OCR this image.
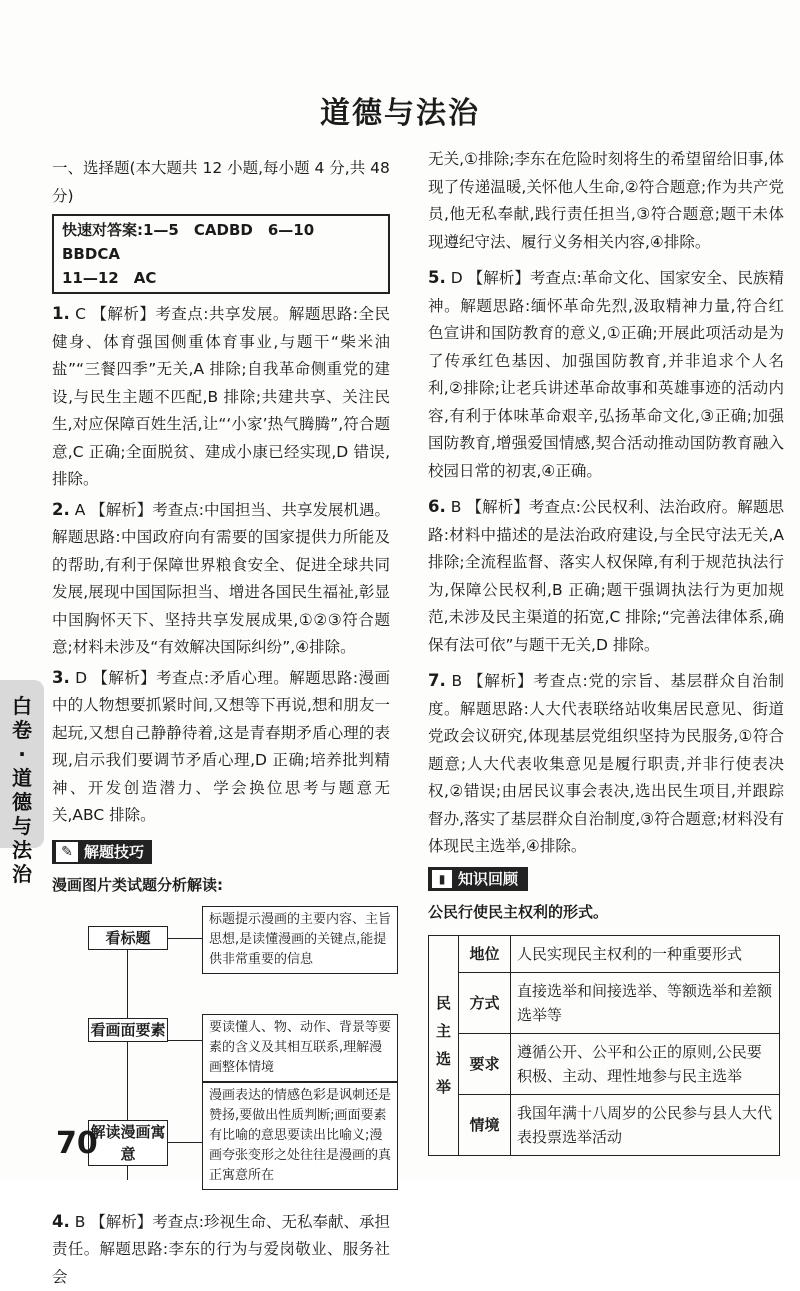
道德与法治
一、选择题(本大题共 12 小题,每小题 4 分,共 48 分)
快速对答案:1—5　CADBD　6—10　BBDCA
11—12　AC
1. C 【解析】考查点:共享发展。解题思路:全民健身、体育强国侧重体育事业,与题干“柴米油盐”“三餐四季”无关,A 排除;自我革命侧重党的建设,与民生主题不匹配,B 排除;共建共享、关注民生,对应保障百姓生活,让“‘小家’热气腾腾”,符合题意,C 正确;全面脱贫、建成小康已经实现,D 错误,排除。
2. A 【解析】考查点:中国担当、共享发展机遇。解题思路:中国政府向有需要的国家提供力所能及的帮助,有利于保障世界粮食安全、促进全球共同发展,展现中国国际担当、增进各国民生福祉,彰显中国胸怀天下、坚持共享发展成果,①②③符合题意;材料未涉及“有效解决国际纠纷”,④排除。
3. D 【解析】考查点:矛盾心理。解题思路:漫画中的人物想要抓紧时间,又想等下再说,想和朋友一起玩,又想自己静静待着,这是青春期矛盾心理的表现,启示我们要调节矛盾心理,D 正确;培养批判精神、开发创造潜力、学会换位思考与题意无关,ABC 排除。
✎ 解题技巧
漫画图片类试题分析解读:
看标题
标题提示漫画的主要内容、主旨思想,是读懂漫画的关键点,能提供非常重要的信息
看画面要素	要读懂人、物、动作、背景等要素的含义及其相互联系,理解漫画整体情境
解读漫画寓意
漫画表达的情感色彩是讽刺还是赞扬,要做出性质判断;画面要素有比喻的意思要读出比喻义;漫画夸张变形之处往往是漫画的真正寓意所在
4. B 【解析】考查点:珍视生命、无私奉献、承担责任。解题思路:李东的行为与爱岗敬业、服务社会
无关,①排除;李东在危险时刻将生的希望留给旧事,体现了传递温暖,关怀他人生命,②符合题意;作为共产党员,他无私奉献,践行责任担当,③符合题意;题干未体现遵纪守法、履行义务相关内容,④排除。
5. D 【解析】考查点:革命文化、国家安全、民族精神。解题思路:缅怀革命先烈,汲取精神力量,符合红色宣讲和国防教育的意义,①正确;开展此项活动是为了传承红色基因、加强国防教育,并非追求个人名利,②排除;让老兵讲述革命故事和英雄事迹的活动内容,有利于体味革命艰辛,弘扬革命文化,③正确;加强国防教育,增强爱国情感,契合活动推动国防教育融入校园日常的初衷,④正确。
6. B 【解析】考查点:公民权利、法治政府。解题思路:材料中描述的是法治政府建设,与全民守法无关,A 排除;全流程监督、落实人权保障,有利于规范执法行为,保障公民权利,B 正确;题干强调执法行为更加规范,未涉及民主渠道的拓宽,C 排除;“完善法律体系,确保有法可依”与题干无关,D 排除。
7. B 【解析】考查点:党的宗旨、基层群众自治制度。解题思路:人大代表联络站收集居民意见、街道党政会议研究,体现基层党组织坚持为民服务,①符合题意;人大代表收集意见是履行职责,并非行使表决权,②错误;由居民议事会表决,选出民生项目,并跟踪督办,落实了基层群众自治制度,③符合题意;材料没有体现民主选举,④排除。
▮ 知识回顾
公民行使民主权利的形式。
民主选举	地位	人民实现民主权利的一种重要形式
	方式	直接选举和间接选举、等额选举和差额选举等
	要求	遵循公开、公平和公正的原则,公民要积极、主动、理性地参与民主选举
	情境	我国年满十八周岁的公民参与县人大代表投票选举活动
白卷·道德与法治
70
